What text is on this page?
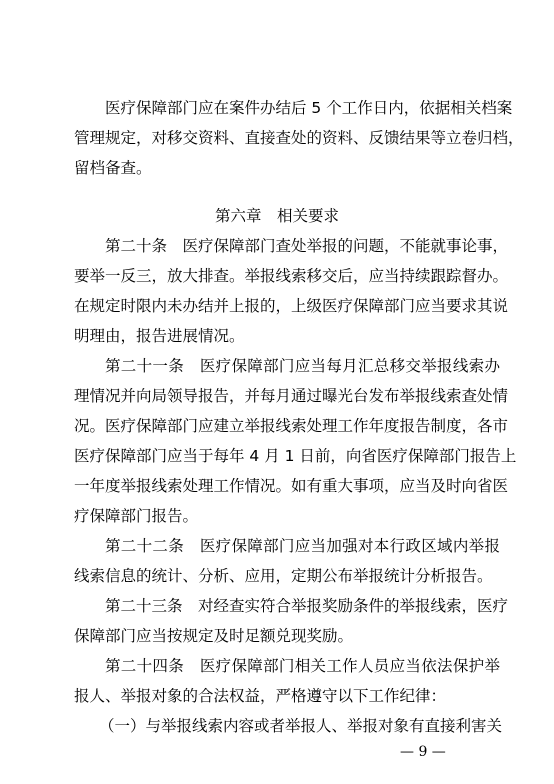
医疗保障部门应在案件办结后 5 个工作日内，依据相关档案
管理规定，对移交资料、直接查处的资料、反馈结果等立卷归档，
留档备查。
第六章　相关要求
第二十条　医疗保障部门查处举报的问题，不能就事论事，
要举一反三，放大排查。举报线索移交后，应当持续跟踪督办。
在规定时限内未办结并上报的，上级医疗保障部门应当要求其说
明理由，报告进展情况。
第二十一条　医疗保障部门应当每月汇总移交举报线索办
理情况并向局领导报告，并每月通过曝光台发布举报线索查处情
况。医疗保障部门应建立举报线索处理工作年度报告制度，各市
医疗保障部门应当于每年 4 月 1 日前，向省医疗保障部门报告上
一年度举报线索处理工作情况。如有重大事项，应当及时向省医
疗保障部门报告。
第二十二条　医疗保障部门应当加强对本行政区域内举报
线索信息的统计、分析、应用，定期公布举报统计分析报告。
第二十三条　对经查实符合举报奖励条件的举报线索，医疗
保障部门应当按规定及时足额兑现奖励。
第二十四条　医疗保障部门相关工作人员应当依法保护举
报人、举报对象的合法权益，严格遵守以下工作纪律：
（一）与举报线索内容或者举报人、举报对象有直接利害关
— 9 —
